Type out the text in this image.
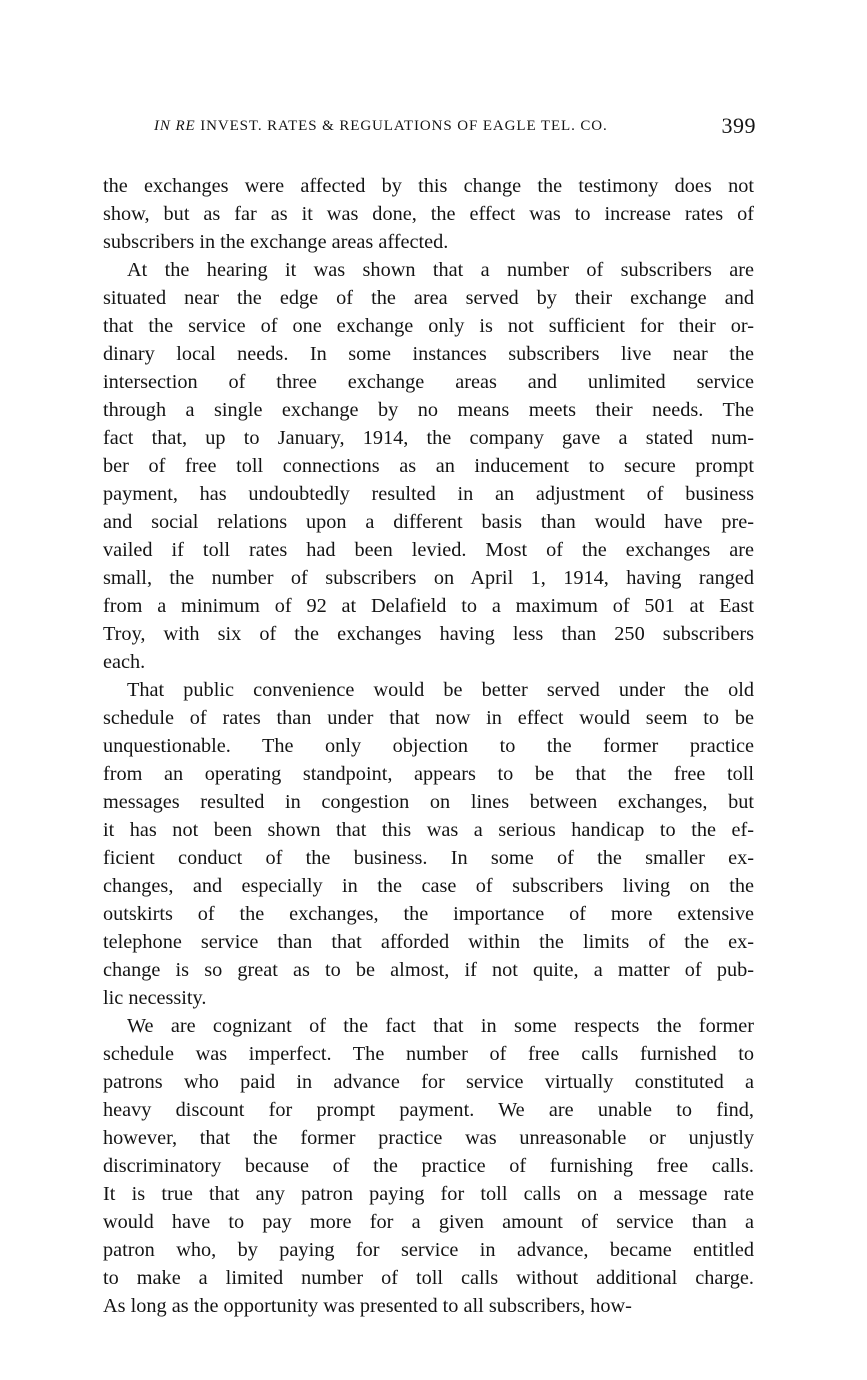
IN RE INVEST. RATES & REGULATIONS OF EAGLE TEL. CO.	399
the exchanges were affected by this change the testimony does not
show, but as far as it was done, the effect was to increase rates of
subscribers in the exchange areas affected.
At the hearing it was shown that a number of subscribers are
situated near the edge of the area served by their exchange and
that the service of one exchange only is not sufficient for their or-
dinary local needs. In some instances subscribers live near the
intersection of three exchange areas and unlimited service
through a single exchange by no means meets their needs. The
fact that, up to January, 1914, the company gave a stated num-
ber of free toll connections as an inducement to secure prompt
payment, has undoubtedly resulted in an adjustment of business
and social relations upon a different basis than would have pre-
vailed if toll rates had been levied. Most of the exchanges are
small, the number of subscribers on April 1, 1914, having ranged
from a minimum of 92 at Delafield to a maximum of 501 at East
Troy, with six of the exchanges having less than 250 subscribers
each.
That public convenience would be better served under the old
schedule of rates than under that now in effect would seem to be
unquestionable. The only objection to the former practice
from an operating standpoint, appears to be that the free toll
messages resulted in congestion on lines between exchanges, but
it has not been shown that this was a serious handicap to the ef-
ficient conduct of the business. In some of the smaller ex-
changes, and especially in the case of subscribers living on the
outskirts of the exchanges, the importance of more extensive
telephone service than that afforded within the limits of the ex-
change is so great as to be almost, if not quite, a matter of pub-
lic necessity.
We are cognizant of the fact that in some respects the former
schedule was imperfect. The number of free calls furnished to
patrons who paid in advance for service virtually constituted a
heavy discount for prompt payment. We are unable to find,
however, that the former practice was unreasonable or unjustly
discriminatory because of the practice of furnishing free calls.
It is true that any patron paying for toll calls on a message rate
would have to pay more for a given amount of service than a
patron who, by paying for service in advance, became entitled
to make a limited number of toll calls without additional charge.
As long as the opportunity was presented to all subscribers, how-
